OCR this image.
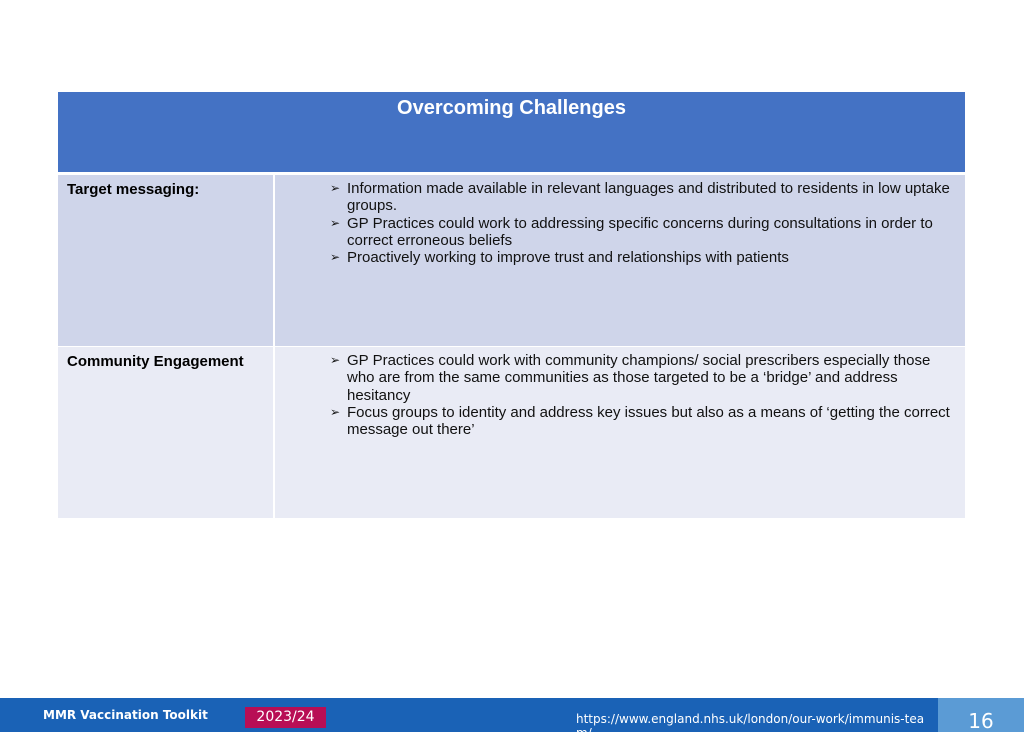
Overcoming Challenges
Target messaging:	➢ Information made available in relevant languages and distributed to residents in low uptake groups.
➢ GP Practices could work to addressing specific concerns during consultations in order to correct erroneous beliefs
➢ Proactively working to improve trust and relationships with patients
Community Engagement	➢ GP Practices could work with community champions/ social prescribers especially those who are from the same communities as those targeted to be a ‘bridge’ and address hesitancy
➢ Focus groups to identity and address key issues but also as a means of ‘getting the correct message out there’
MMR Vaccination Toolkit	2023/24	https://www.england.nhs.uk/london/our-work/immunis-team/	16
